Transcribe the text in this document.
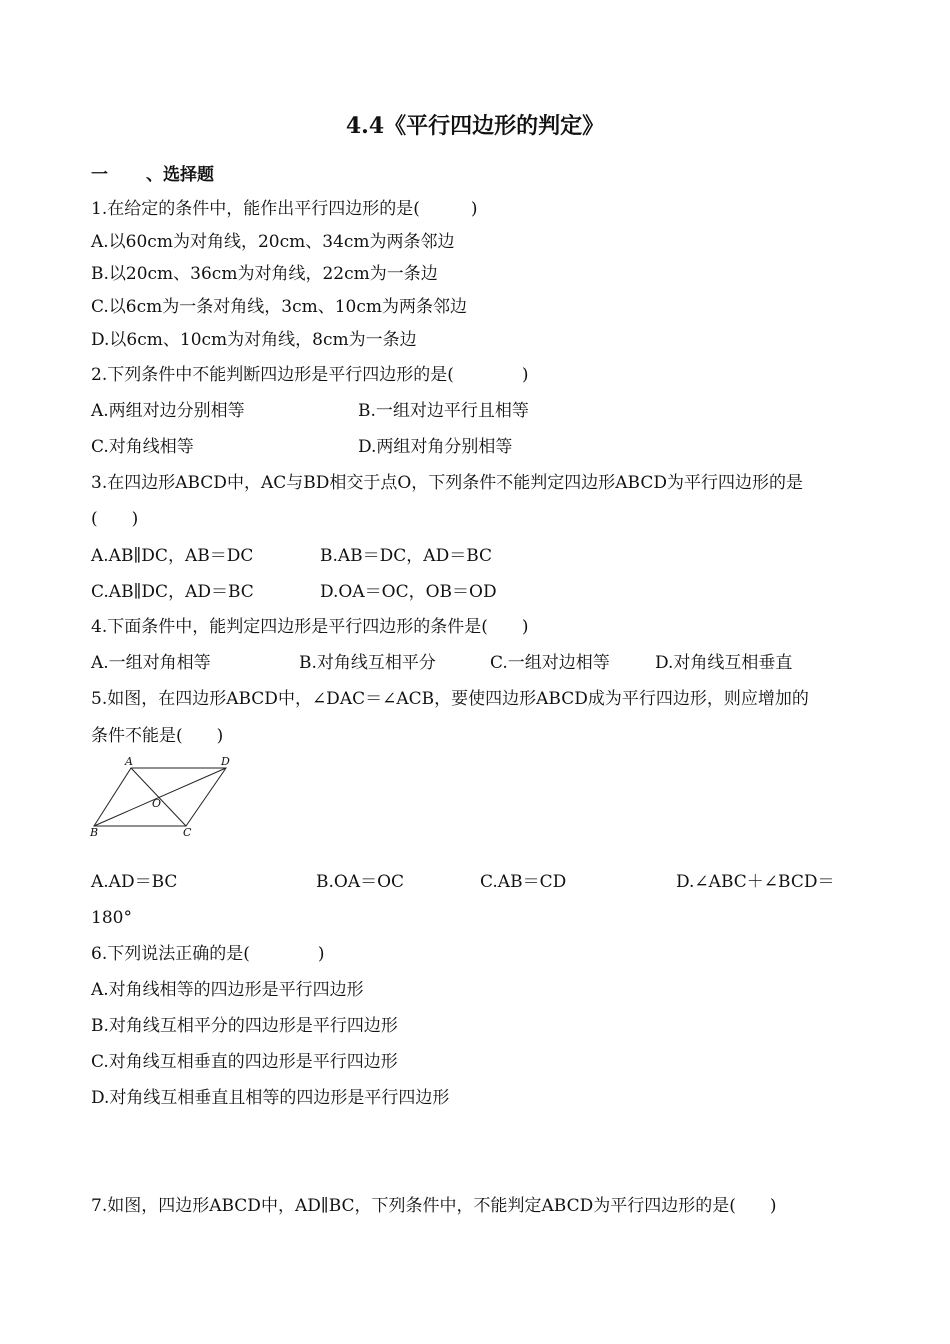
4.4《平行四边形的判定》
一 、选择题
1.在给定的条件中，能作出平行四边形的是(　　　)
A.以60cm为对角线，20cm、34cm为两条邻边
B.以20cm、36cm为对角线，22cm为一条边
C.以6cm为一条对角线，3cm、10cm为两条邻边
D.以6cm、10cm为对角线，8cm为一条边
2.下列条件中不能判断四边形是平行四边形的是(　　　　)
A.两组对边分别相等	B.一组对边平行且相等
C.对角线相等	D.两组对角分别相等
3.在四边形ABCD中，AC与BD相交于点O，下列条件不能判定四边形ABCD为平行四边形的是
(　　)
A.AB∥DC，AB＝DC	B.AB＝DC，AD＝BC
C.AB∥DC，AD＝BC	D.OA＝OC，OB＝OD
4.下面条件中，能判定四边形是平行四边形的条件是(　　)
A.一组对角相等	B.对角线互相平分	C.一组对边相等	D.对角线互相垂直
5.如图，在四边形ABCD中，∠DAC＝∠ACB，要使四边形ABCD成为平行四边形，则应增加的
条件不能是(　　)
A	D
O
B	C
A.AD＝BC	B.OA＝OC	C.AB＝CD	D.∠ABC＋∠BCD＝
180°
6.下列说法正确的是(　　　　)
A.对角线相等的四边形是平行四边形
B.对角线互相平分的四边形是平行四边形
C.对角线互相垂直的四边形是平行四边形
D.对角线互相垂直且相等的四边形是平行四边形
7.如图，四边形ABCD中，AD∥BC，下列条件中，不能判定ABCD为平行四边形的是(　　)
